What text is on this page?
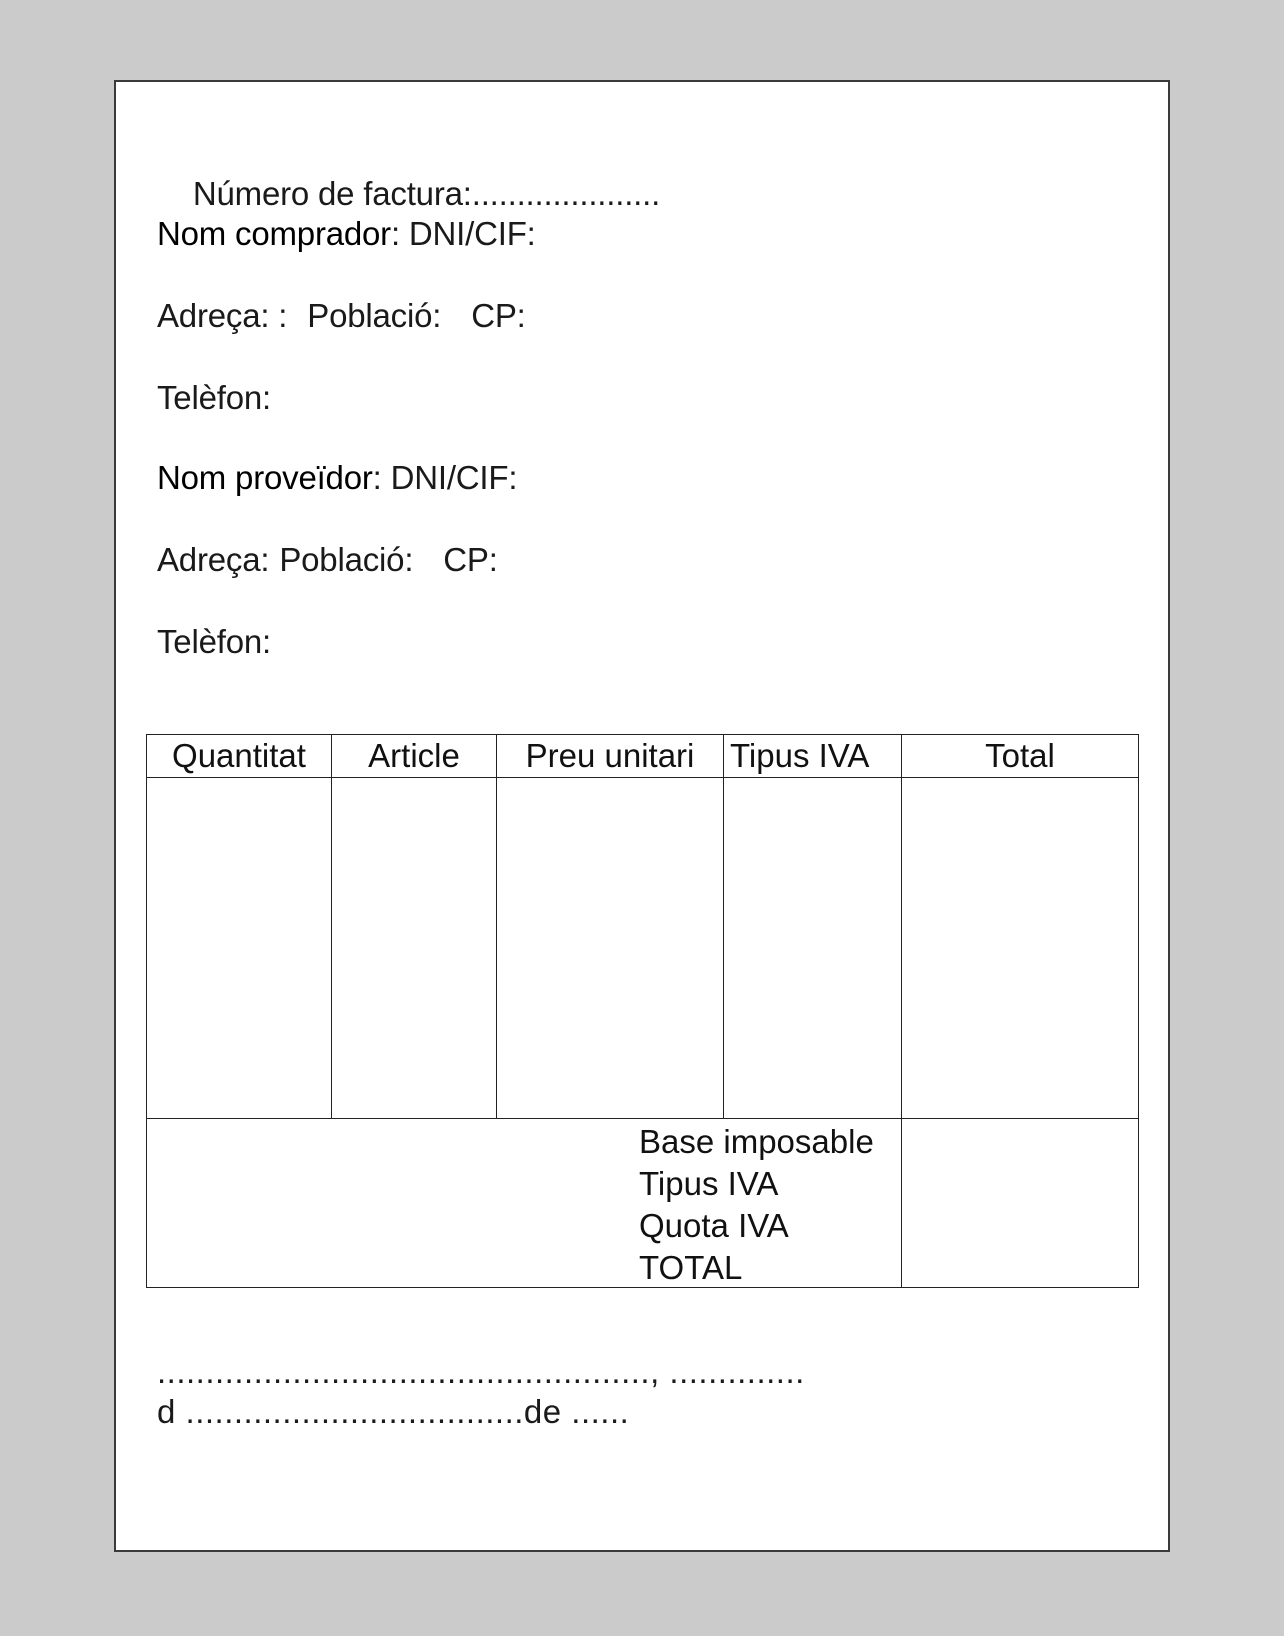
Número de factura:.....................

Nom comprador: DNI/CIF:
Adreça: : Població: CP:
Telèfon:
Nom proveïdor: DNI/CIF:
Adreça: Població: CP:
Telèfon:
Quantitat	Article	Preu unitari	Tipus IVA	Total

Base imposable
Tipus IVA
Quota IVA
TOTAL				

..................................................., ..............
d ...................................de ......
